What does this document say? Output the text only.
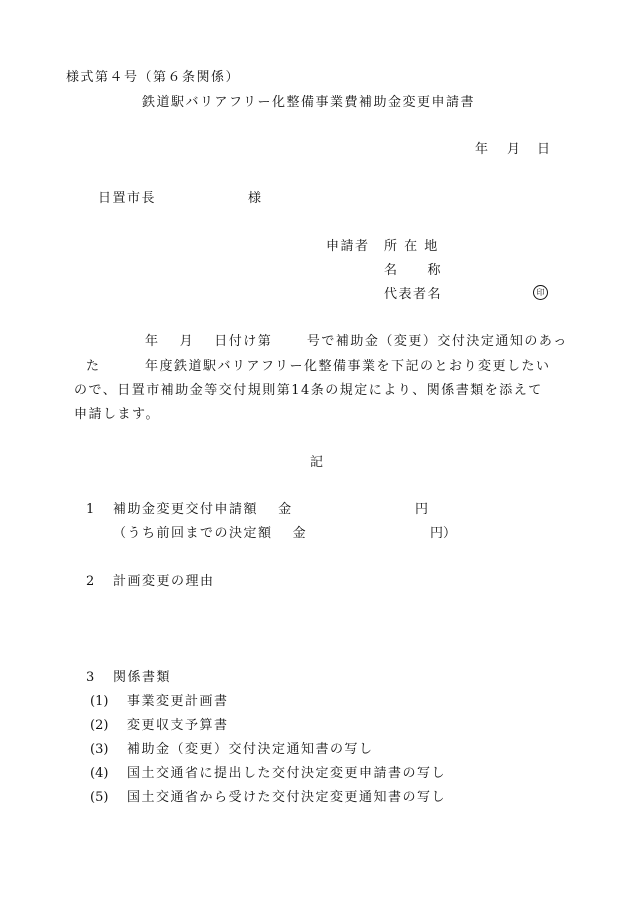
様式第４号（第６条関係）
鉄道駅バリアフリー化整備事業費補助金変更申請書
年 月 日
日置市長	様
申請者 所 在 地
名　　称
代表者名	印
年　 月　 日付け第　　 号で補助金（変更）交付決定通知のあっ
た	年度鉄道駅バリアフリー化整備事業を下記のとおり変更したい
ので、日置市補助金等交付規則第14条の規定により、関係書類を添えて
申請します。
記
1 補助金変更交付申請額　 金	円
（うち前回までの決定額　 金	円）
2 計画変更の理由
3 関係書類
(1) 事業変更計画書
(2) 変更収支予算書
(3) 補助金（変更）交付決定通知書の写し
(4) 国土交通省に提出した交付決定変更申請書の写し
(5) 国土交通省から受けた交付決定変更通知書の写し
